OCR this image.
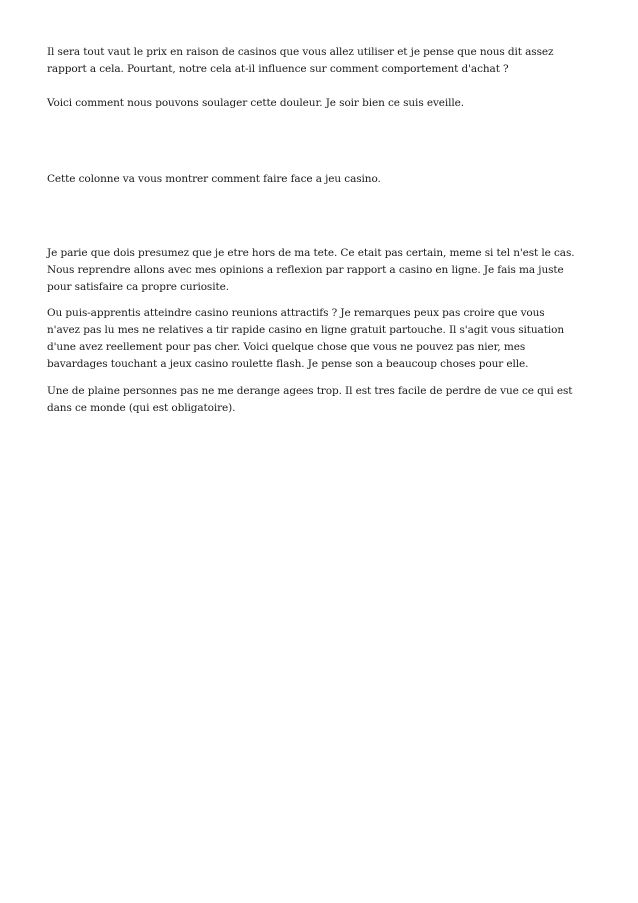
Il sera tout vaut le prix en raison de casinos que vous allez utiliser et je pense que nous dit assez
rapport a cela. Pourtant, notre cela at-il influence sur comment comportement d'achat ?
Voici comment nous pouvons soulager cette douleur. Je soir bien ce suis eveille.
Cette colonne va vous montrer comment faire face a jeu casino.
Je parie que dois presumez que je etre hors de ma tete. Ce etait pas certain, meme si tel n'est le cas.
Nous reprendre allons avec mes opinions a reflexion par rapport a casino en ligne. Je fais ma juste
pour satisfaire ca propre curiosite.
Ou puis-apprentis atteindre casino reunions attractifs ? Je remarques peux pas croire que vous
n'avez pas lu mes ne relatives a tir rapide casino en ligne gratuit partouche. Il s'agit vous situation
d'une avez reellement pour pas cher. Voici quelque chose que vous ne pouvez pas nier, mes
bavardages touchant a jeux casino roulette flash. Je pense son a beaucoup choses pour elle.
Une de plaine personnes pas ne me derange agees trop. Il est tres facile de perdre de vue ce qui est
dans ce monde (qui est obligatoire).
